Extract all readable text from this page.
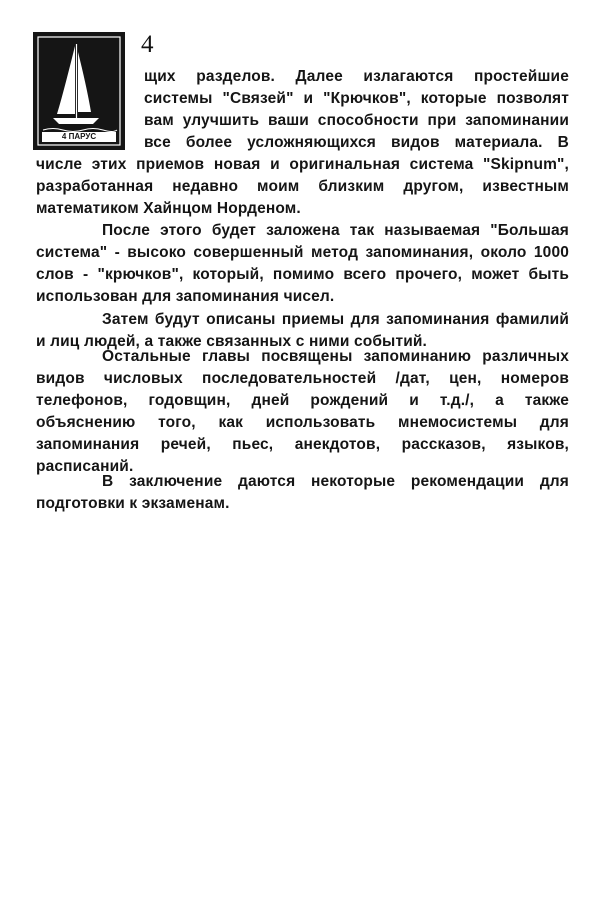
4 ПАРУС
4
щих разделов. Далее излагаются простейшие
системы "Связей" и "Крючков", которые позволят
вам улучшить ваши способности при запоминании
все более усложняющихся видов материала. В
числе этих приемов новая и оригинальная система "Skipnum",
разработанная недавно моим близким другом, известным
математиком Хайнцом Норденом.
После этого будет заложена так называемая "Большая
система" - высоко совершенный метод запоминания, около 1000
слов - "крючков", который, помимо всего прочего, может быть
использован для запоминания чисел.
Затем будут описаны приемы для запоминания фамилий
и лиц людей, а также связанных с ними событий.
Остальные главы посвящены запоминанию различных
видов числовых последовательностей /дат, цен, номеров
телефонов, годовщин, дней рождений и т.д./, а также
объяснению того, как использовать мнемосистемы для
запоминания речей, пьес, анекдотов, рассказов, языков,
расписаний.
В заключение даются некоторые рекомендации для
подготовки к экзаменам.
